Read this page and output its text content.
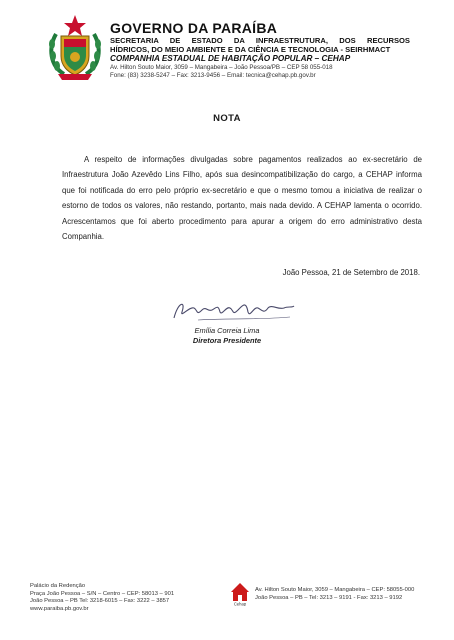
GOVERNO DA PARAÍBA
SECRETARIA DE ESTADO DA INFRAESTRUTURA, DOS RECURSOS
HÍDRICOS, DO MEIO AMBIENTE E DA CIÊNCIA E TECNOLOGIA - SEIRHMACT
COMPANHIA ESTADUAL DE HABITAÇÃO POPULAR – CEHAP
Av. Hilton Souto Maior, 3059 – Mangabeira – João Pessoa/PB – CEP 58 055-018
Fone: (83) 3238-5247 – Fax: 3213-9456 – Email: tecnica@cehap.pb.gov.br
NOTA

A respeito de informações divulgadas sobre pagamentos realizados ao ex-secretário de Infraestrutura João Azevêdo Lins Filho, após sua desincompatibilização do cargo, a CEHAP informa que foi notificada do erro pelo próprio ex-secretário e que o mesmo tomou a iniciativa de realizar o estorno de todos os valores, não restando, portanto, mais nada devido. A CEHAP lamenta o ocorrido. Acrescentamos que foi aberto procedimento para apurar a origem do erro administrativo desta Companhia.

João Pessoa, 21 de Setembro de 2018.
Emília Correia Lima
Diretora Presidente
Palácio da Redenção
Praça João Pessoa – S/N – Centro – CEP: 58013 – 901
João Pessoa – PB Tel: 3218-6015 – Fax: 3222 – 3857
www.paraiba.pb.gov.br
Cehap
Av. Hilton Souto Maior, 3059 – Mangabeira – CEP: 58055-000
João Pessoa – PB – Tel: 3213 – 9191 - Fax: 3213 – 9192
